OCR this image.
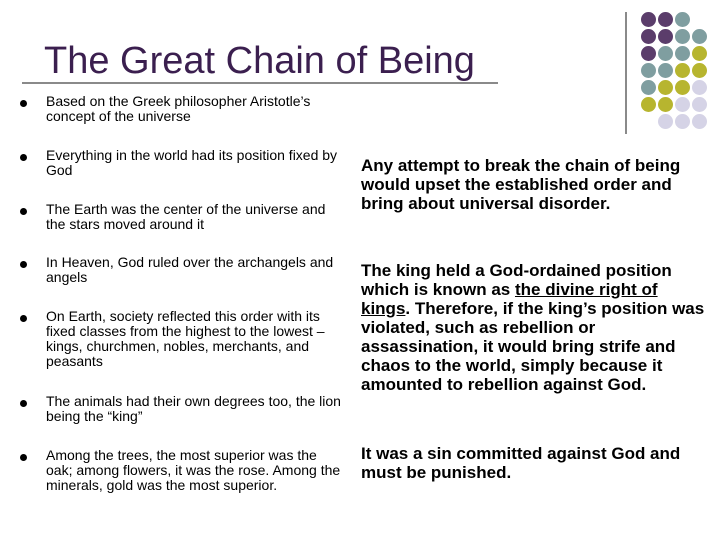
The Great Chain of Being

Based on the Greek philosopher Aristotle’s concept of the universe

Everything in the world had its position fixed by God

The Earth was the center of the universe and the stars moved around it

In Heaven, God ruled over the archangels and angels

On Earth, society reflected this order with its fixed classes from the highest to the lowest – kings, churchmen, nobles, merchants, and peasants

The animals had their own degrees too, the lion being the “king”

Among the trees, the most superior was the oak; among flowers, it was the rose. Among the minerals, gold was the most superior.

Any attempt to break the chain of being would upset the established order and bring about universal disorder.

The king held a God-ordained position which is known as the divine right of kings. Therefore, if the king’s position was violated, such as rebellion or assassination, it would bring strife and chaos to the world, simply because it amounted to rebellion against God.

It was a sin committed against God and must be punished.
